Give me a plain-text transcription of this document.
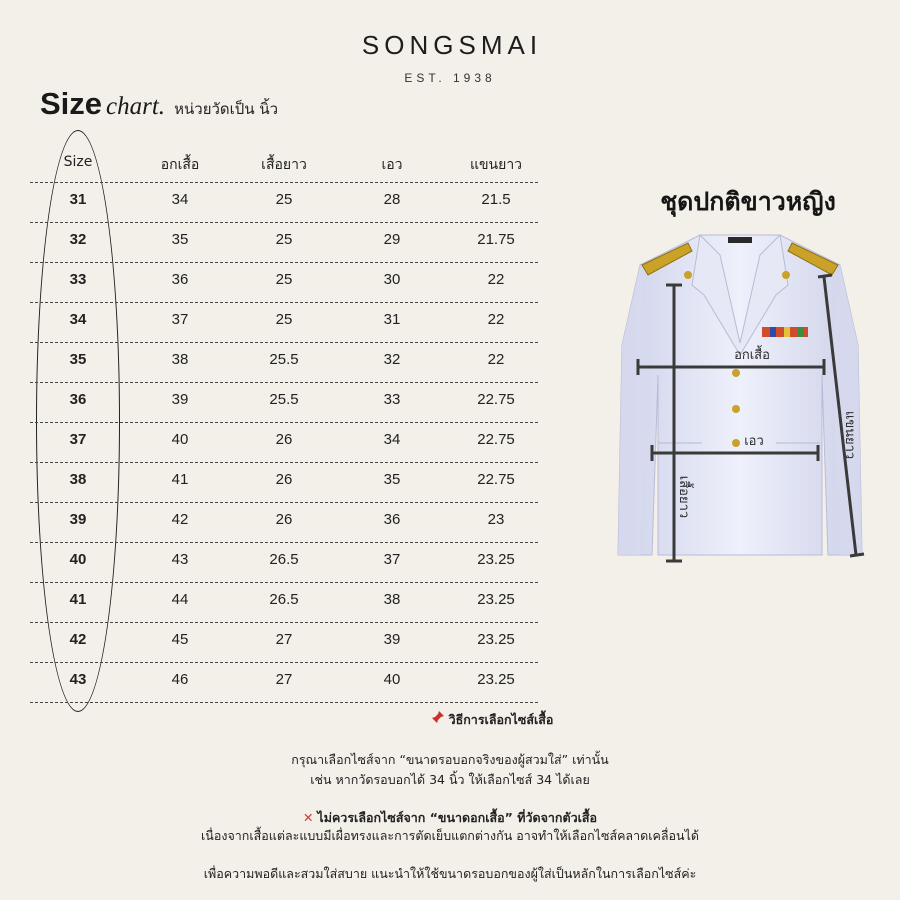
SONGSMAI
EST. 1938
Size chart. หน่วยวัดเป็น นิ้ว
Size	อกเสื้อ	เสื้อยาว	เอว	แขนยาว
31	34	25	28	21.5
32	35	25	29	21.75
33	36	25	30	22
34	37	25	31	22
35	38	25.5	32	22
36	39	25.5	33	22.75
37	40	26	34	22.75
38	41	26	35	22.75
39	42	26	36	23
40	43	26.5	37	23.25
41	44	26.5	38	23.25
42	45	27	39	23.25
43	46	27	40	23.25
ชุดปกติขาวหญิง
อกเสื้อ
เอว
เสื้อยาว
แขนยาว
วิธีการเลือกไซส์เสื้อ
กรุณาเลือกไซส์จาก “ขนาดรอบอกจริงของผู้สวมใส่” เท่านั้น
เช่น หากวัดรอบอกได้ 34 นิ้ว ให้เลือกไซส์ 34 ได้เลย
✕ ไม่ควรเลือกไซส์จาก “ขนาดอกเสื้อ” ที่วัดจากตัวเสื้อ
เนื่องจากเสื้อแต่ละแบบมีเผื่อทรงและการตัดเย็บแตกต่างกัน อาจทำให้เลือกไซส์คลาดเคลื่อนได้
เพื่อความพอดีและสวมใส่สบาย แนะนำให้ใช้ขนาดรอบอกของผู้ใส่เป็นหลักในการเลือกไซส์ค่ะ
